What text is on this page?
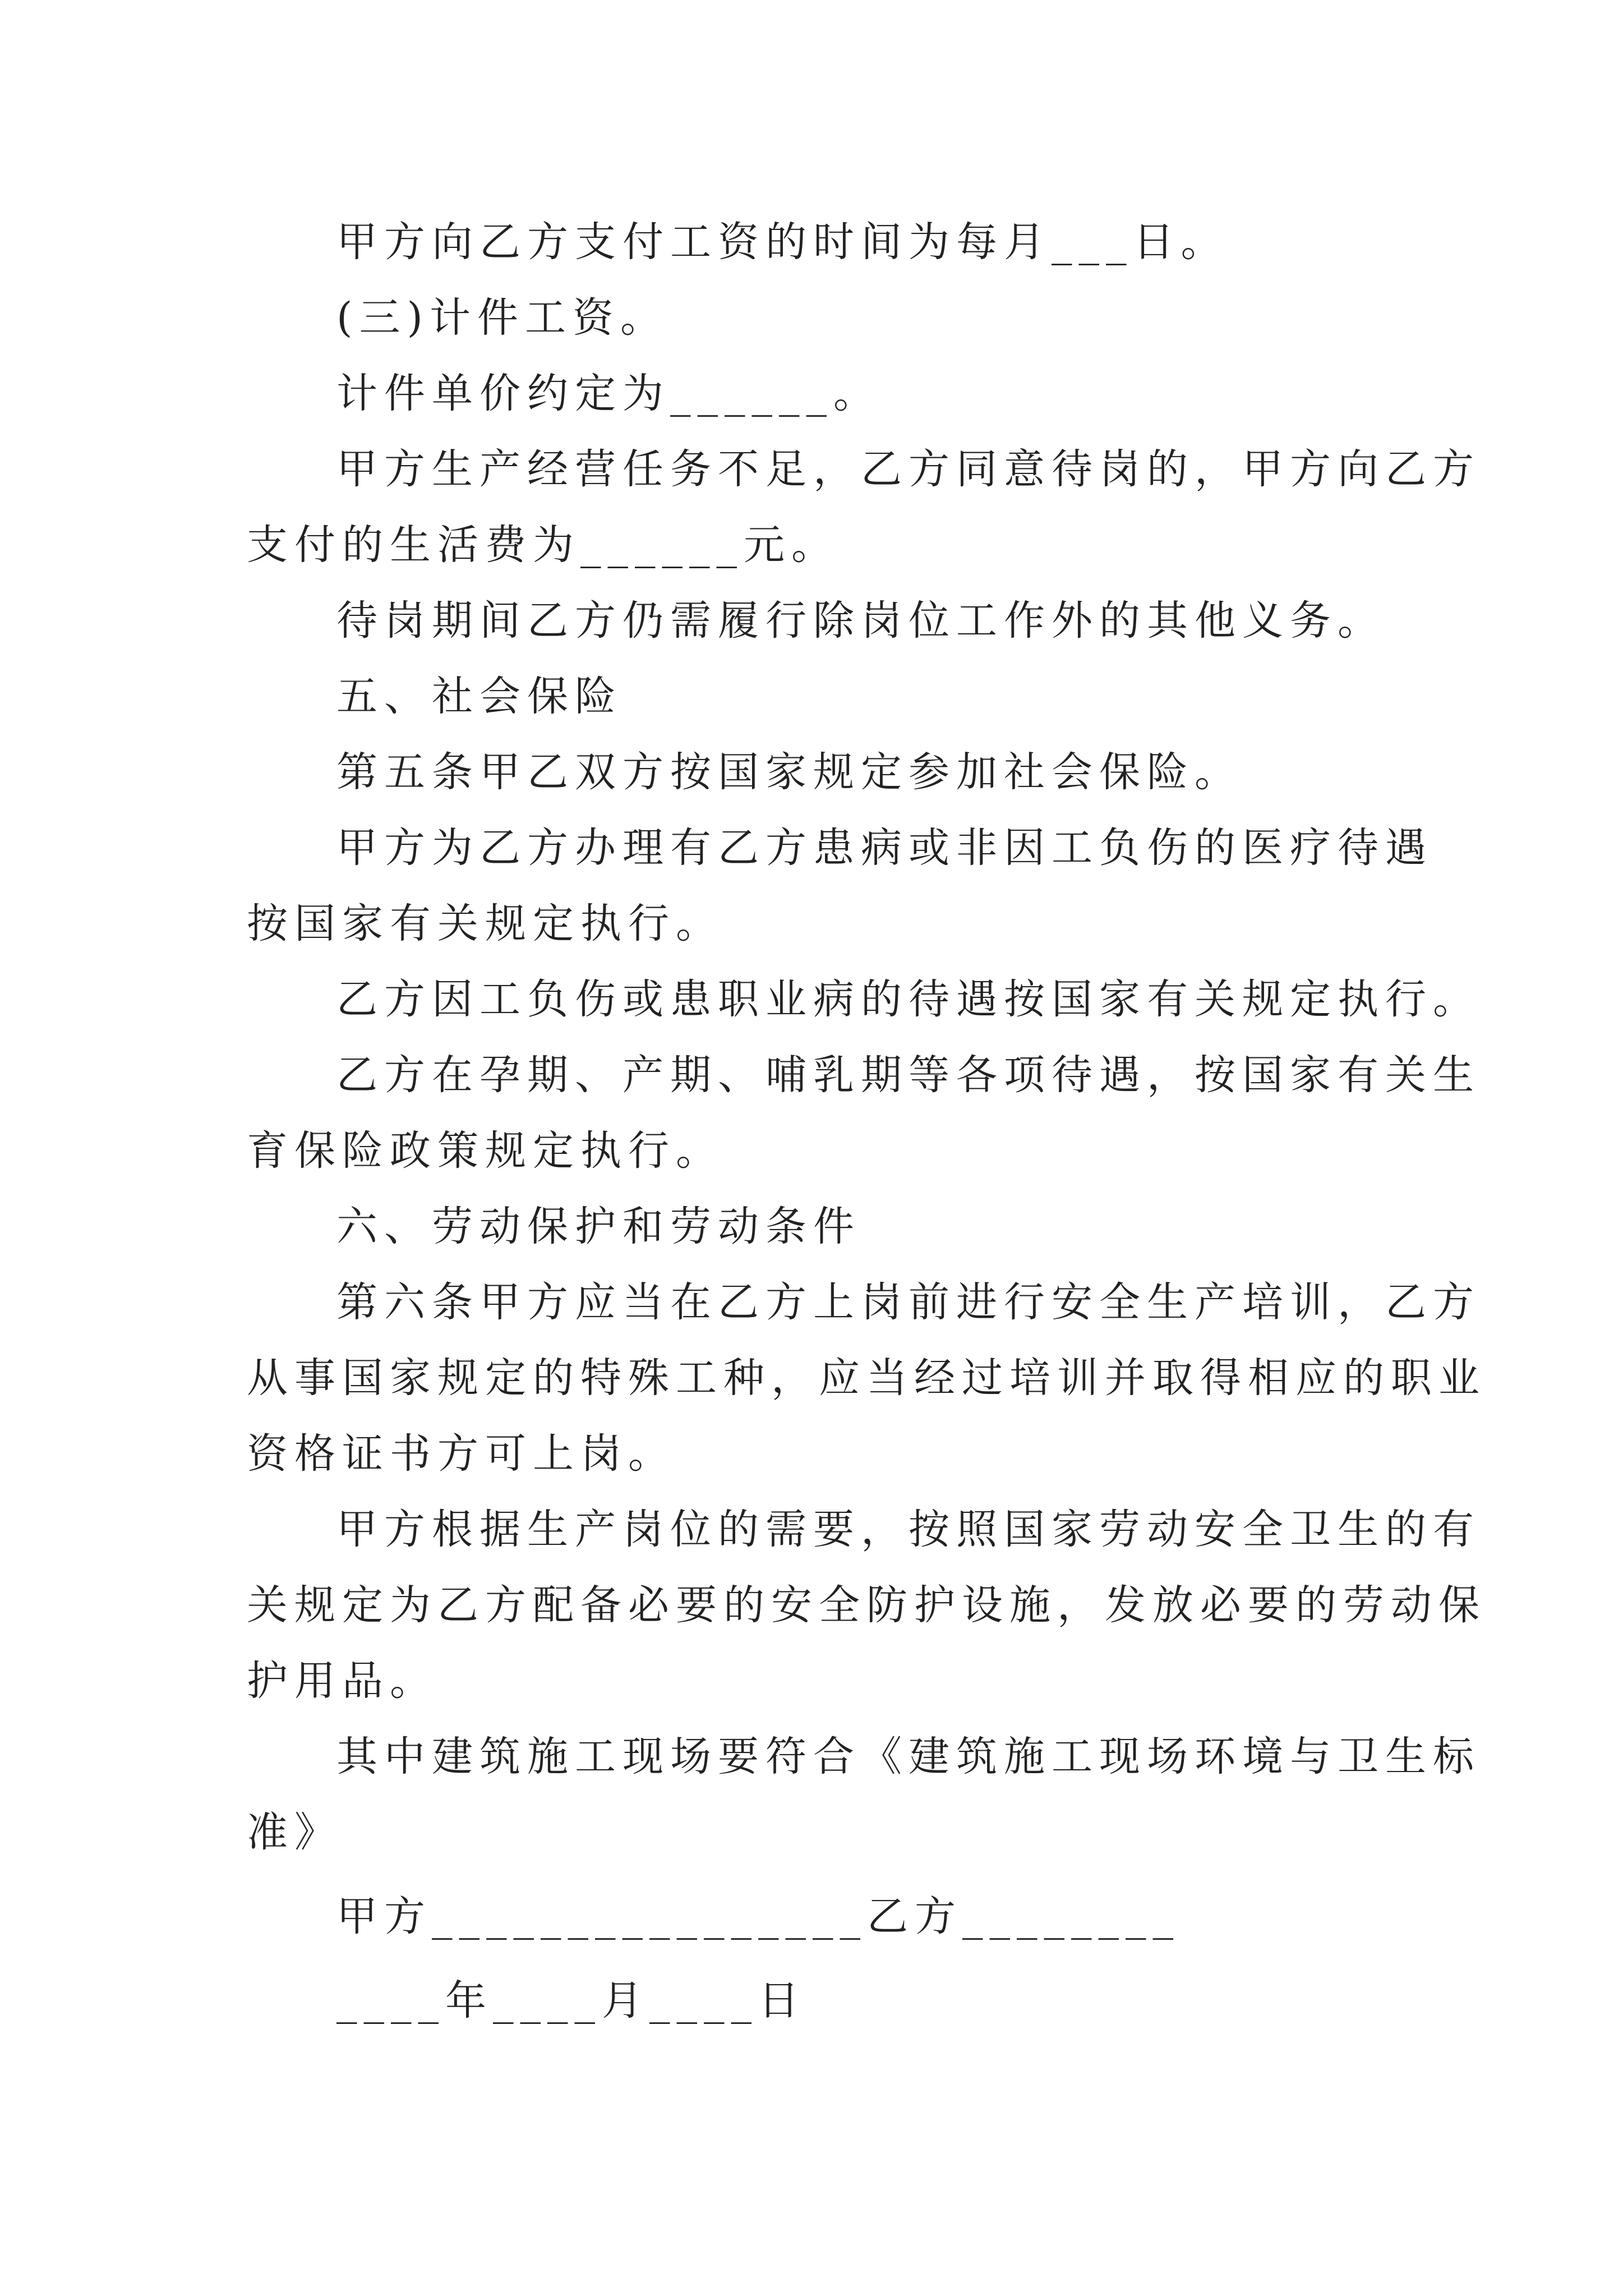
甲方向乙方支付工资的时间为每月___日。
(三)计件工资。
计件单价约定为______。
甲方生产经营任务不足，乙方同意待岗的，甲方向乙方
支付的生活费为______元。
待岗期间乙方仍需履行除岗位工作外的其他义务。
五、社会保险
第五条甲乙双方按国家规定参加社会保险。
甲方为乙方办理有乙方患病或非因工负伤的医疗待遇
按国家有关规定执行。
乙方因工负伤或患职业病的待遇按国家有关规定执行。
乙方在孕期、产期、哺乳期等各项待遇，按国家有关生
育保险政策规定执行。
六、劳动保护和劳动条件
第六条甲方应当在乙方上岗前进行安全生产培训，乙方
从事国家规定的特殊工种，应当经过培训并取得相应的职业
资格证书方可上岗。
甲方根据生产岗位的需要，按照国家劳动安全卫生的有
关规定为乙方配备必要的安全防护设施，发放必要的劳动保
护用品。
其中建筑施工现场要符合《建筑施工现场环境与卫生标
准》
甲方________________乙方________
____年____月____日
